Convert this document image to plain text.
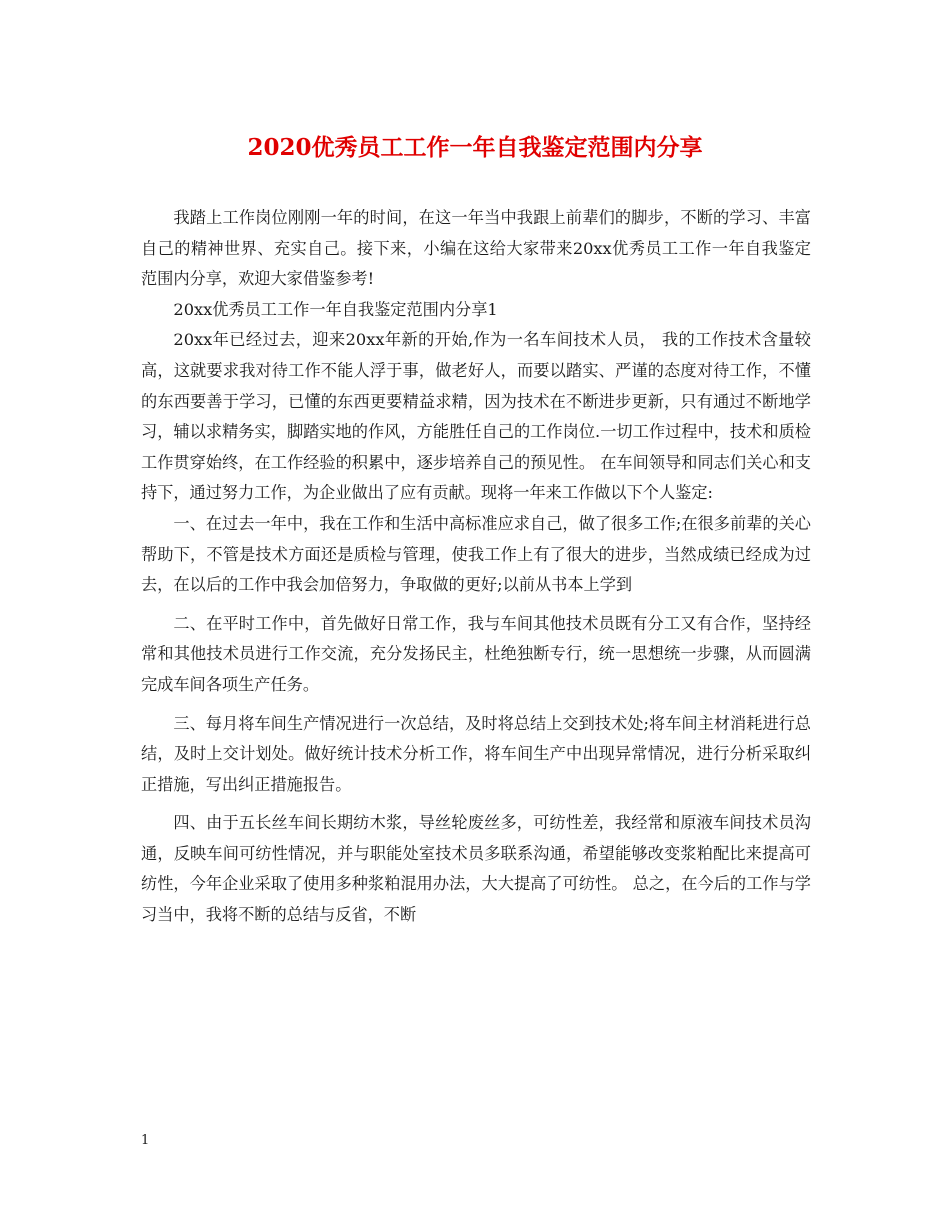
2020优秀员工工作一年自我鉴定范围内分享

我踏上工作岗位刚刚一年的时间，在这一年当中我跟上前辈们的脚步，不断的学习、丰富自己的精神世界、充实自己。接下来，小编在这给大家带来20xx优秀员工工作一年自我鉴定范围内分享，欢迎大家借鉴参考!

20xx优秀员工工作一年自我鉴定范围内分享1

20xx年已经过去，迎来20xx年新的开始,作为一名车间技术人员， 我的工作技术含量较高，这就要求我对待工作不能人浮于事，做老好人，而要以踏实、严谨的态度对待工作，不懂的东西要善于学习，已懂的东西更要精益求精，因为技术在不断进步更新，只有通过不断地学习，辅以求精务实，脚踏实地的作风，方能胜任自己的工作岗位.一切工作过程中，技术和质检工作贯穿始终，在工作经验的积累中，逐步培养自己的预见性。 在车间领导和同志们关心和支持下，通过努力工作，为企业做出了应有贡献。现将一年来工作做以下个人鉴定:

一、在过去一年中，我在工作和生活中高标准应求自己，做了很多工作;在很多前辈的关心帮助下，不管是技术方面还是质检与管理，使我工作上有了很大的进步，当然成绩已经成为过去，在以后的工作中我会加倍努力，争取做的更好;以前从书本上学到

二、在平时工作中，首先做好日常工作，我与车间其他技术员既有分工又有合作，坚持经常和其他技术员进行工作交流，充分发扬民主，杜绝独断专行，统一思想统一步骤，从而圆满完成车间各项生产任务。

三、每月将车间生产情况进行一次总结，及时将总结上交到技术处;将车间主材消耗进行总结，及时上交计划处。做好统计技术分析工作，将车间生产中出现异常情况，进行分析采取纠正措施，写出纠正措施报告。

四、由于五长丝车间长期纺木浆，导丝轮废丝多，可纺性差，我经常和原液车间技术员沟通，反映车间可纺性情况，并与职能处室技术员多联系沟通，希望能够改变浆粕配比来提高可纺性，今年企业采取了使用多种浆粕混用办法，大大提高了可纺性。 总之，在今后的工作与学习当中，我将不断的总结与反省，不断

1
